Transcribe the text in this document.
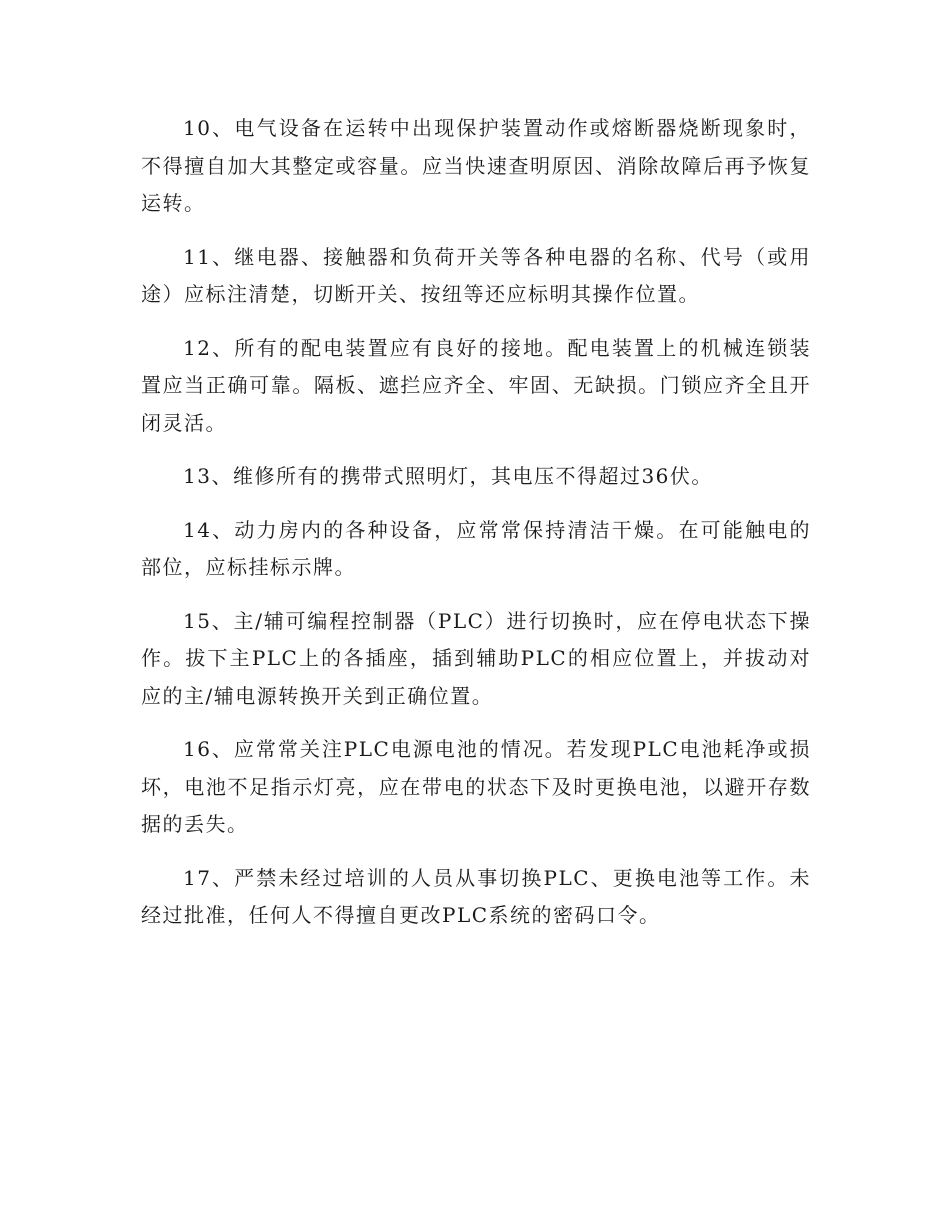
10、电气设备在运转中出现保护装置动作或熔断器烧断现象时，不得擅自加大其整定或容量。应当快速查明原因、消除故障后再予恢复运转。

11、继电器、接触器和负荷开关等各种电器的名称、代号（或用途）应标注清楚，切断开关、按纽等还应标明其操作位置。

12、所有的配电装置应有良好的接地。配电装置上的机械连锁装置应当正确可靠。隔板、遮拦应齐全、牢固、无缺损。门锁应齐全且开闭灵活。

13、维修所有的携带式照明灯，其电压不得超过36伏。

14、动力房内的各种设备，应常常保持清洁干燥。在可能触电的部位，应标挂标示牌。

15、主/辅可编程控制器（PLC）进行切换时，应在停电状态下操作。拔下主PLC上的各插座，插到辅助PLC的相应位置上，并拔动对应的主/辅电源转换开关到正确位置。

16、应常常关注PLC电源电池的情况。若发现PLC电池耗净或损坏，电池不足指示灯亮，应在带电的状态下及时更换电池，以避开存数据的丢失。

17、严禁未经过培训的人员从事切换PLC、更换电池等工作。未经过批准，任何人不得擅自更改PLC系统的密码口令。
